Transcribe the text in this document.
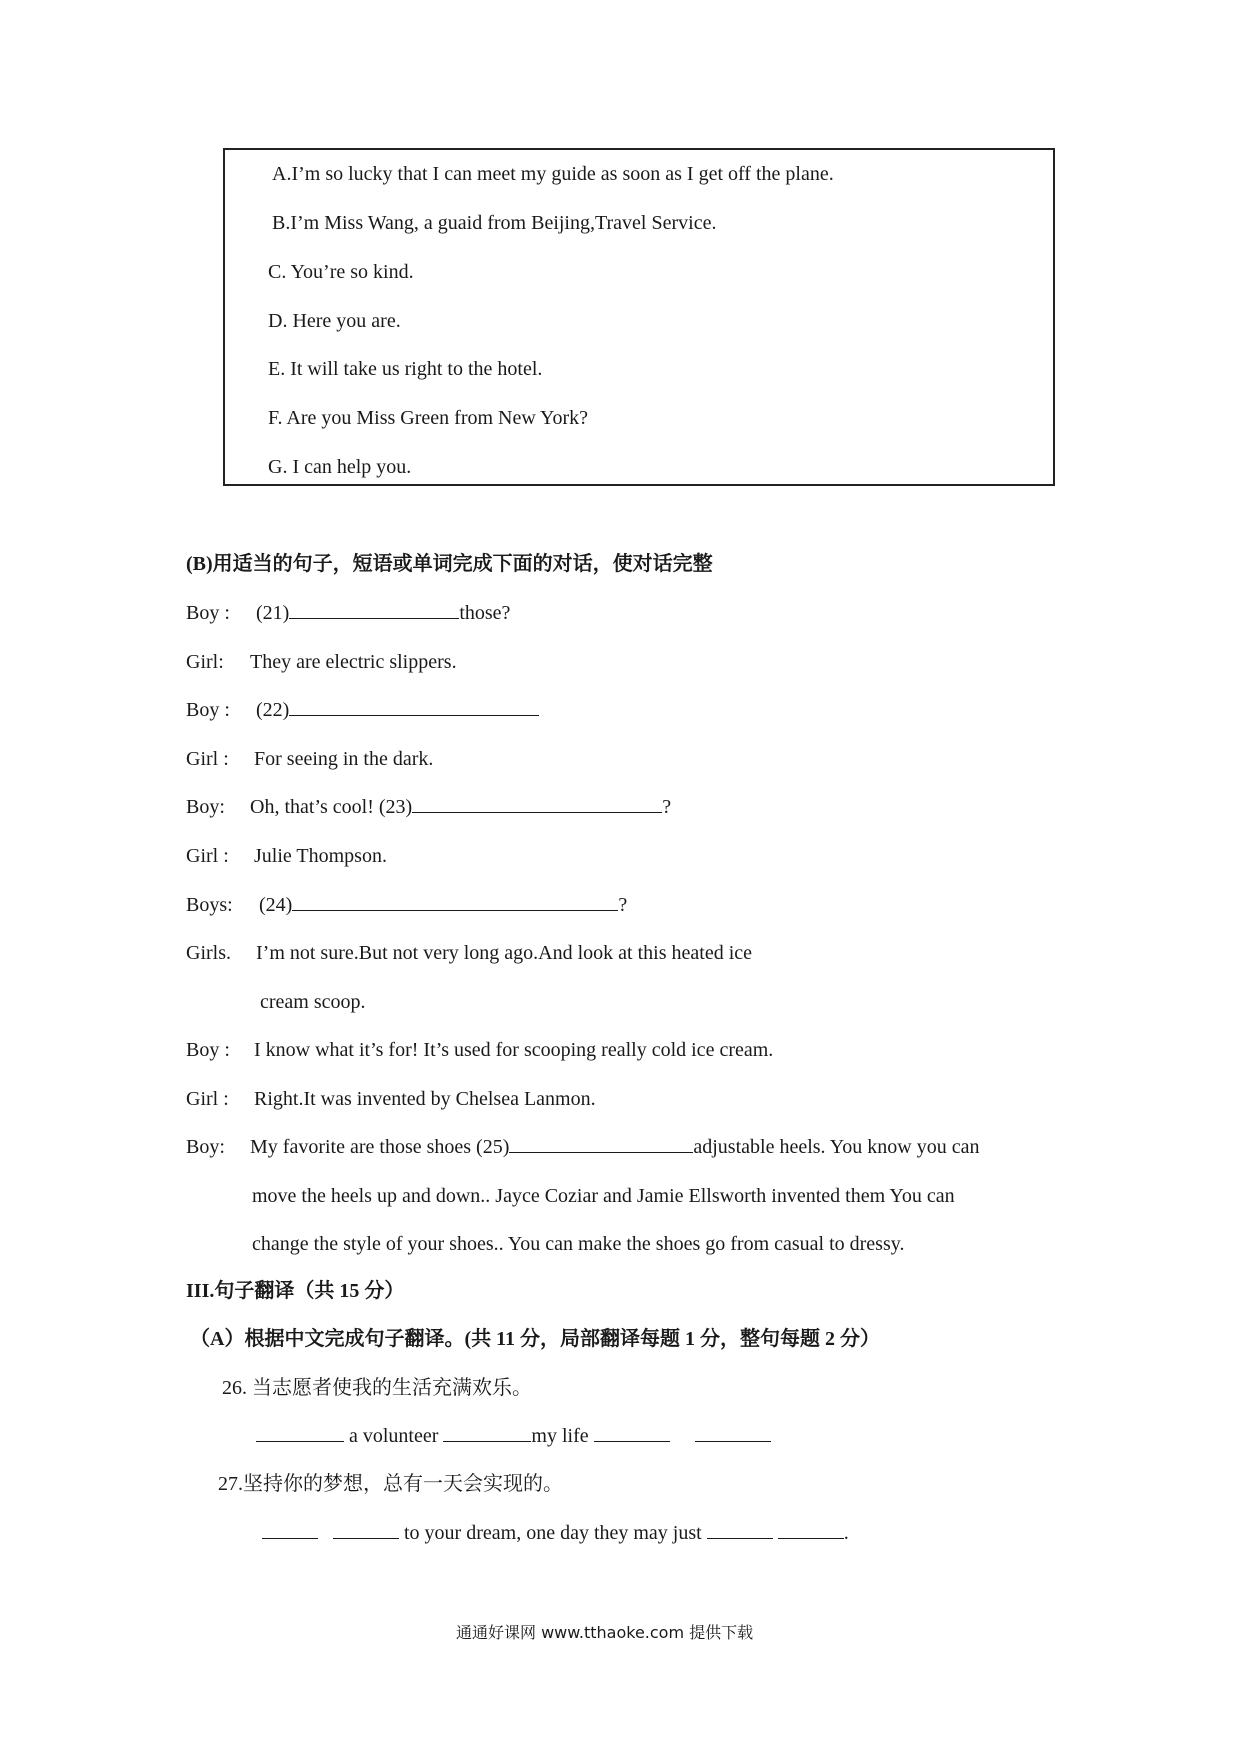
A.I’m so lucky that I can meet my guide as soon as I get off the plane.
B.I’m Miss Wang, a guaid from Beijing,Travel Service.
C. You’re so kind.
D. Here you are.
E. It will take us right to the hotel.
F. Are you Miss Green from New York?
G. I can help you.
(B)用适当的句子，短语或单词完成下面的对话，使对话完整
Boy : (21)	those?
Girl: They are electric slippers.
Boy : (22)
Girl : For seeing in the dark.
Boy: Oh, that’s cool! (23)	?
Girl : Julie Thompson.
Boys: (24)	?
Girls. I’m not sure.But not very long ago.And look at this heated ice
cream scoop.
Boy : I know what it’s for! It’s used for scooping really cold ice cream.
Girl : Right.It was invented by Chelsea Lanmon.
Boy: My favorite are those shoes (25)	adjustable heels. You know you can
move the heels up and down.. Jayce Coziar and Jamie Ellsworth invented them You can
change the style of your shoes.. You can make the shoes go from casual to dressy.
III.句子翻译（共 15 分）
（A）根据中文完成句子翻译。(共 11 分，局部翻译每题 1 分，整句每题 2 分）
26. 当志愿者使我的生活充满欢乐。
a volunteer	my life
27.坚持你的梦想，总有一天会实现的。
to your dream, one day they may just	.
通通好课网 www.tthaoke.com 提供下载
